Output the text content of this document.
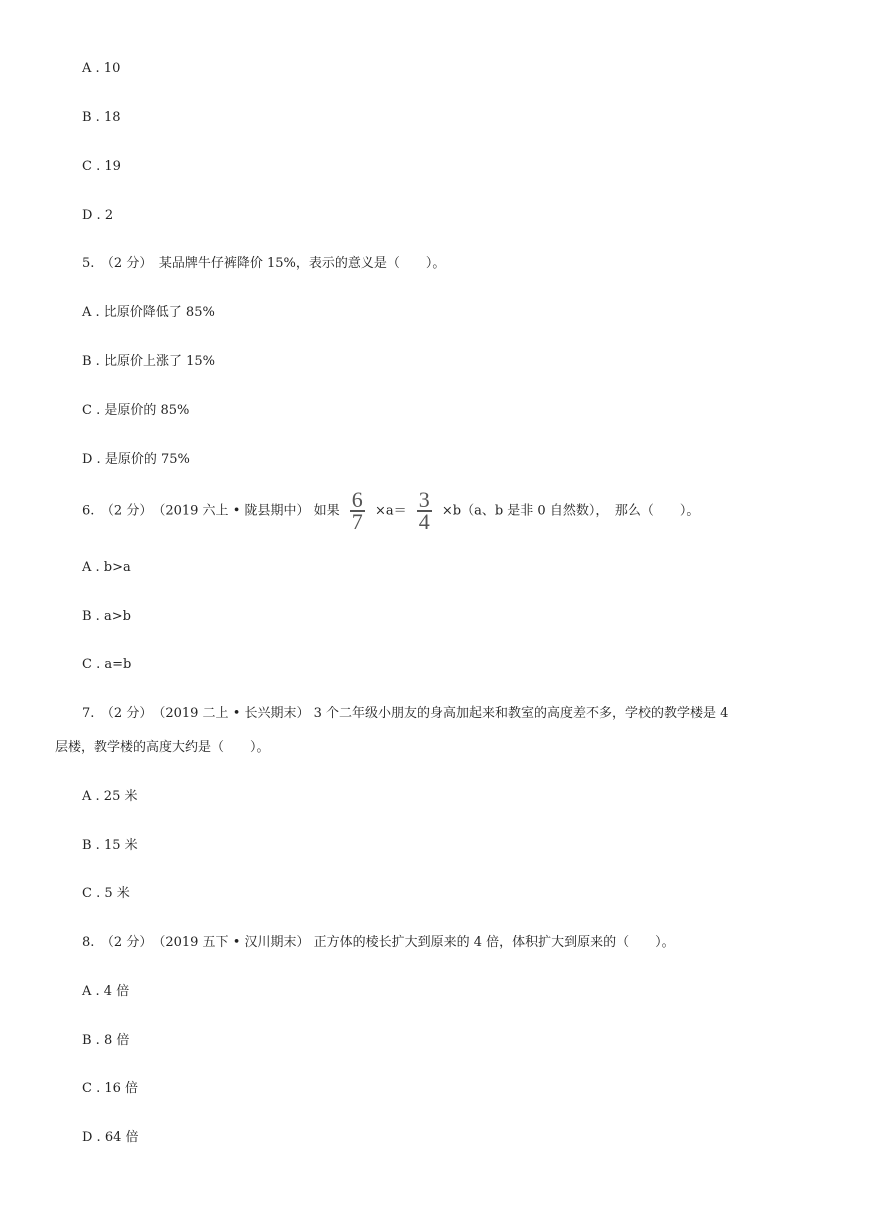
A . 10
B . 18
C . 19
D . 2
5.　 （2 分）　 某品牌牛仔裤降价 15%，表示的意义是（　　）。
A . 比原价降低了 85%
B . 比原价上涨了 15%
C . 是原价的 85%
D . 是原价的 75%
6.　 （2 分）　 （2019 六上 • 陇县期中） 如果 $\frac{6}{7} \times a= \frac{3}{4} \times b(a$、b 是非 0 自然数），　那么（　　）。
A . b>a
B . a>b
C . a=b
7.　 （2 分）　 （2019 二上 • 长兴期末） 3 个二年级小朋友的身高加起来和教室的高度差不多，学校的教学楼是 4
层楼，教学楼的高度大约是（　　）。
A . 25 米
B . 15 米
C . 5 米
8.　 （2 分）　 （2019 五下 • 汉川期末） 正方体的棱长扩大到原来的 4 倍，体积扩大到原来的（　　）。
A . 4 倍
B . 8 倍
C . 16 倍
D . 64 倍
